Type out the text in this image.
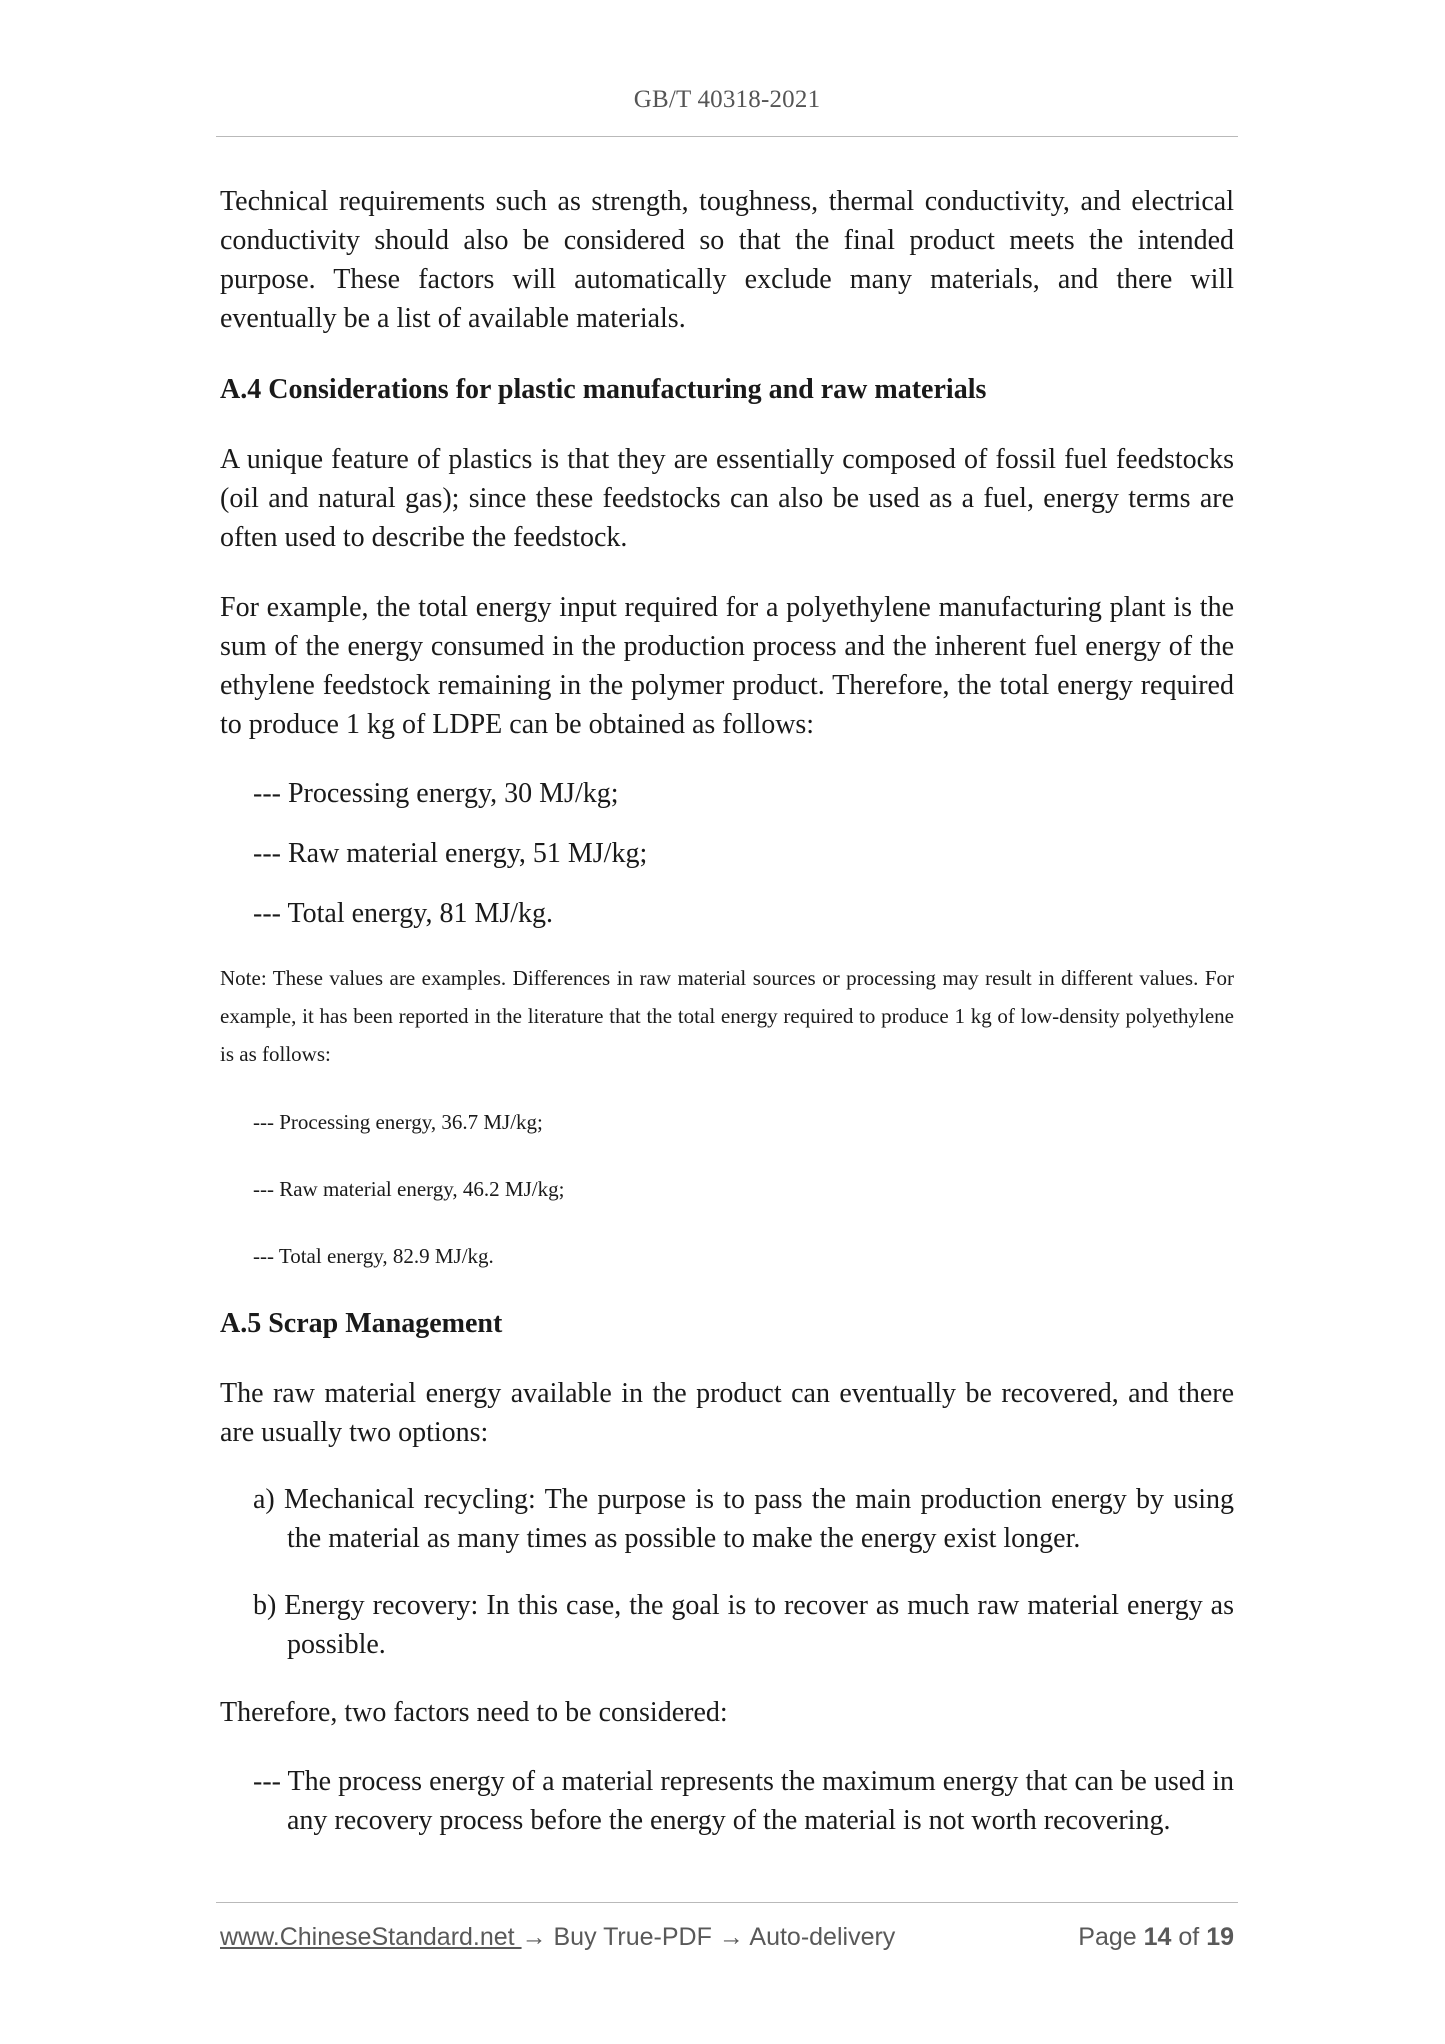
GB/T 40318-2021

Technical requirements such as strength, toughness, thermal conductivity, and electrical conductivity should also be considered so that the final product meets the intended purpose. These factors will automatically exclude many materials, and there will eventually be a list of available materials.

A.4 Considerations for plastic manufacturing and raw materials

A unique feature of plastics is that they are essentially composed of fossil fuel feedstocks (oil and natural gas); since these feedstocks can also be used as a fuel, energy terms are often used to describe the feedstock.

For example, the total energy input required for a polyethylene manufacturing plant is the sum of the energy consumed in the production process and the inherent fuel energy of the ethylene feedstock remaining in the polymer product. Therefore, the total energy required to produce 1 kg of LDPE can be obtained as follows:

--- Processing energy, 30 MJ/kg;

--- Raw material energy, 51 MJ/kg;

--- Total energy, 81 MJ/kg.

Note: These values are examples. Differences in raw material sources or processing may result in different values. For example, it has been reported in the literature that the total energy required to produce 1 kg of low-density polyethylene is as follows:

--- Processing energy, 36.7 MJ/kg;

--- Raw material energy, 46.2 MJ/kg;

--- Total energy, 82.9 MJ/kg.

A.5 Scrap Management

The raw material energy available in the product can eventually be recovered, and there are usually two options:

a) Mechanical recycling: The purpose is to pass the main production energy by using the material as many times as possible to make the energy exist longer.

b) Energy recovery: In this case, the goal is to recover as much raw material energy as possible.

Therefore, two factors need to be considered:

--- The process energy of a material represents the maximum energy that can be used in any recovery process before the energy of the material is not worth recovering.

www.ChineseStandard.net → Buy True-PDF → Auto-delivery	Page 14 of 19
